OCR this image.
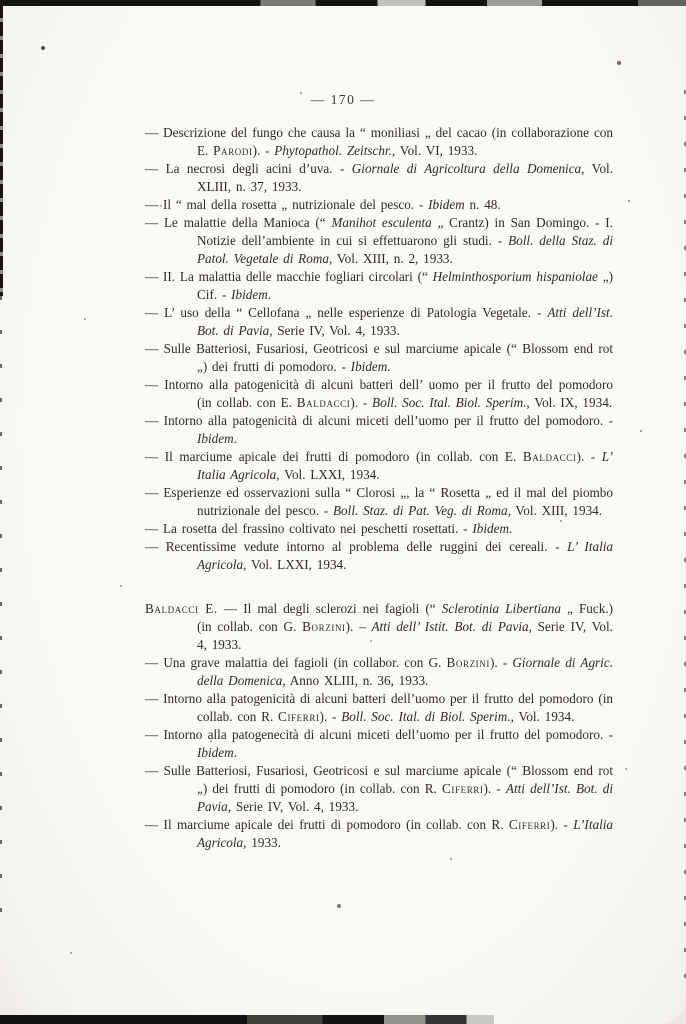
— 170 —

— Descrizione del fungo che causa la “ moniliasi „ del cacao (in collaborazione con E. Parodi). - Phytopathol. Zeitschr., Vol. VI, 1933.

— La necrosi degli acini d’uva. - Giornale di Agricoltura della Domenica, Vol. XLIII, n. 37, 1933.

— Il “ mal della rosetta „ nutrizionale del pesco. - Ibidem n. 48.

— Le malattie della Manioca (“ Manihot esculenta „ Crantz) in San Domingo. - I. Notizie dell’ambiente in cui si effettuarono gli studi. - Boll. della Staz. di Patol. Vegetale di Roma, Vol. XIII, n. 2, 1933.

— II. La malattia delle macchie fogliari circolari (“ Helminthosporium hispaniolae „) Cif. - Ibidem.

— L’ uso della “ Cellofana „ nelle esperienze di Patologia Vegetale. - Atti dell’Ist. Bot. di Pavia, Serie IV, Vol. 4, 1933.

— Sulle Batteriosi, Fusariosi, Geotricosi e sul marciume apicale (“ Blossom end rot „) dei frutti di pomodoro. - Ibidem.

— Intorno alla patogenicità di alcuni batteri dell’ uomo per il frutto del pomodoro (in collab. con E. Baldacci). - Boll. Soc. Ital. Biol. Sperim., Vol. IX, 1934.

— Intorno alla patogenicità di alcuni miceti dell’uomo per il frutto del pomodoro. - Ibidem.

— Il marciume apicale dei frutti di pomodoro (in collab. con E. Baldacci). - L’ Italia Agricola, Vol. LXXI, 1934.

— Esperienze ed osservazioni sulla “ Clorosi „, la “ Rosetta „ ed il mal del piombo nutrizionale del pesco. - Boll. Staz. di Pat. Veg. di Roma, Vol. XIII, 1934.

— La rosetta del frassino coltivato nei peschetti rosettati. - Ibidem.

— Recentissime vedute intorno al problema delle ruggini dei cereali. - L’ Italia Agricola, Vol. LXXI, 1934.

Baldacci E. — Il mal degli sclerozi nei fagioli (“ Sclerotinia Libertiana „ Fuck.) (in collab. con G. Borzini). – Atti dell’ Istit. Bot. di Pavia, Serie IV, Vol. 4, 1933.

— Una grave malattia dei fagioli (in collabor. con G. Borzini). - Giornale di Agric. della Domenica, Anno XLIII, n. 36, 1933.

— Intorno alla patogenicità di alcuni batteri dell’uomo per il frutto del pomodoro (in collab. con R. Ciferri). - Boll. Soc. Ital. di Biol. Sperim., Vol. 1934.

— Intorno alla patogenecità di alcuni miceti dell’uomo per il frutto del pomodoro. - Ibidem.

— Sulle Batteriosi, Fusariosi, Geotricosi e sul marciume apicale (“ Blossom end rot „) dei frutti di pomodoro (in collab. con R. Ciferri). - Atti dell’Ist. Bot. di Pavia, Serie IV, Vol. 4, 1933.

— Il marciume apicale dei frutti di pomodoro (in collab. con R. Ciferri). - L’Italia Agricola, 1933.
